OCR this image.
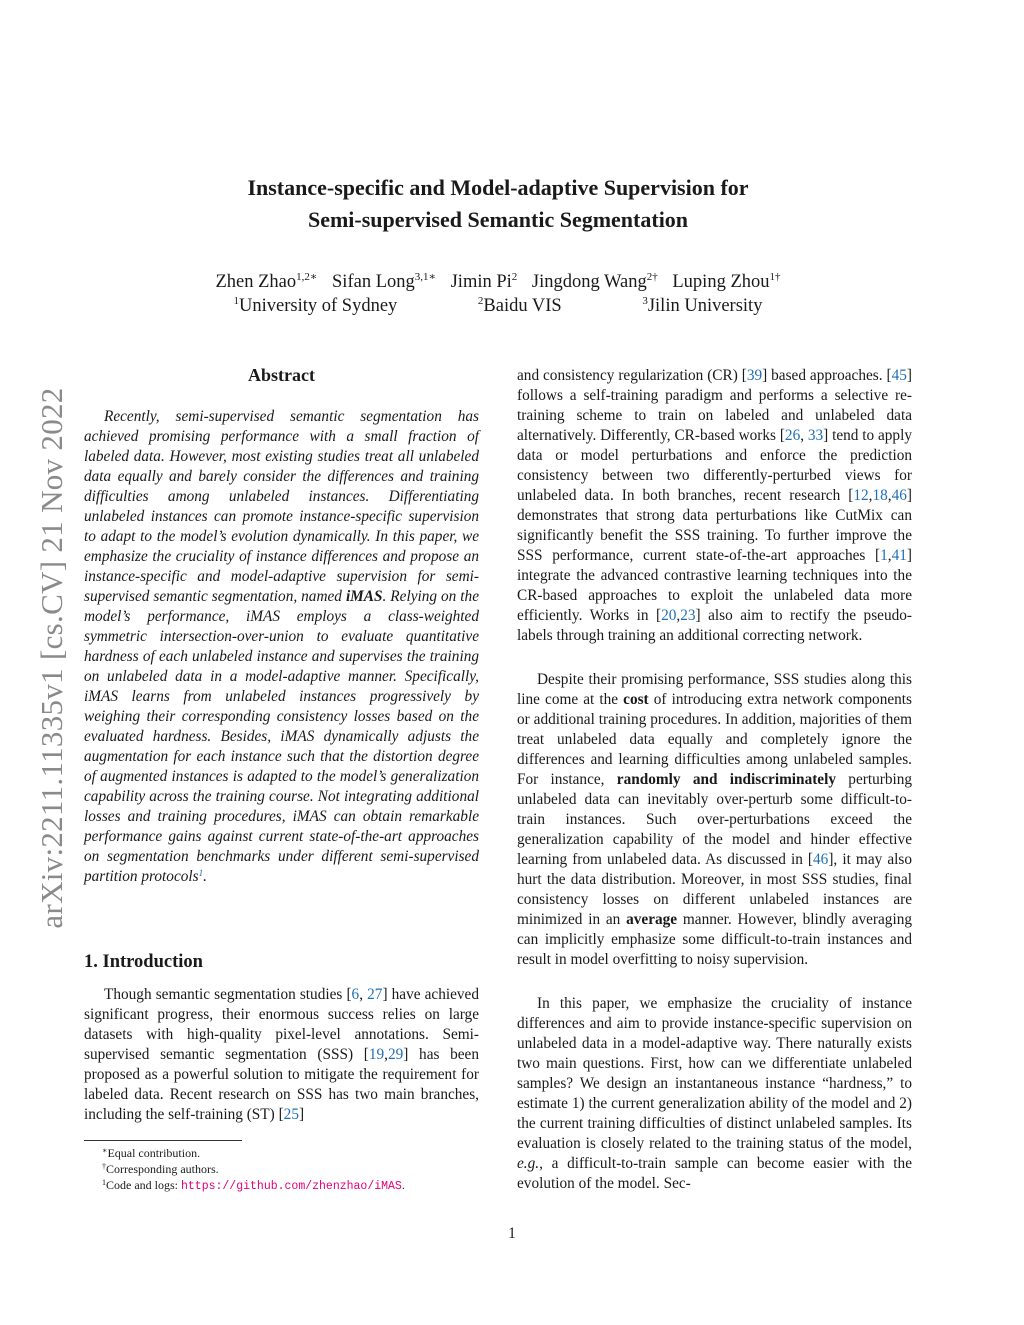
arXiv:2211.11335v1 [cs.CV] 21 Nov 2022
Instance-specific and Model-adaptive Supervision for
Semi-supervised Semantic Segmentation
Zhen Zhao$^{1,2∗}$ Sifan Long$^{3,1∗}$ Jimin Pi$^2$ Jingdong Wang$^{2\dagger}$ Luping Zhou$^{1\dagger}$
$^1$University of Sydney	$^2$Baidu VIS	$^3$Jilin University
Abstract
Recently, semi-supervised semantic segmentation has achieved promising performance with a small fraction of labeled data. However, most existing studies treat all unlabeled data equally and barely consider the differences and training difficulties among unlabeled instances. Differentiating unlabeled instances can promote instance-specific supervision to adapt to the model’s evolution dynamically. In this paper, we emphasize the cruciality of instance differences and propose an instance-specific and model-adaptive supervision for semi-supervised semantic segmentation, named iMAS. Relying on the model’s performance, iMAS employs a class-weighted symmetric intersection-over-union to evaluate quantitative hardness of each unlabeled instance and supervises the training on unlabeled data in a model-adaptive manner. Specifically, iMAS learns from unlabeled instances progressively by weighing their corresponding consistency losses based on the evaluated hardness. Besides, iMAS dynamically adjusts the augmentation for each instance such that the distortion degree of augmented instances is adapted to the model’s generalization capability across the training course. Not integrating additional losses and training procedures, iMAS can obtain remarkable performance gains against current state-of-the-art approaches on segmentation benchmarks under different semi-supervised partition protocols$^1$.
1. Introduction
Though semantic segmentation studies [6, 27] have achieved significant progress, their enormous success relies on large datasets with high-quality pixel-level annotations. Semi-supervised semantic segmentation (SSS) [19,29] has been proposed as a powerful solution to mitigate the requirement for labeled data. Recent research on SSS has two main branches, including the self-training (ST) [25]

∗Equal contribution.

†Corresponding authors.

$^1$Code and logs: https://github.com/zhenzhao/iMAS.

and consistency regularization (CR) [39] based approaches. [45] follows a self-training paradigm and performs a selective re-training scheme to train on labeled and unlabeled data alternatively. Differently, CR-based works [26, 33] tend to apply data or model perturbations and enforce the prediction consistency between two differently-perturbed views for unlabeled data. In both branches, recent research [12,18,46] demonstrates that strong data perturbations like CutMix can significantly benefit the SSS training. To further improve the SSS performance, current state-of-the-art approaches [1,41] integrate the advanced contrastive learning techniques into the CR-based approaches to exploit the unlabeled data more efficiently. Works in [20,23] also aim to rectify the pseudo-labels through training an additional correcting network.
Despite their promising performance, SSS studies along this line come at the cost of introducing extra network components or additional training procedures. In addition, majorities of them treat unlabeled data equally and completely ignore the differences and learning difficulties among unlabeled samples. For instance, randomly and indiscriminately perturbing unlabeled data can inevitably over-perturb some difficult-to-train instances. Such over-perturbations exceed the generalization capability of the model and hinder effective learning from unlabeled data. As discussed in [46], it may also hurt the data distribution. Moreover, in most SSS studies, final consistency losses on different unlabeled instances are minimized in an average manner. However, blindly averaging can implicitly emphasize some difficult-to-train instances and result in model overfitting to noisy supervision.
In this paper, we emphasize the cruciality of instance differences and aim to provide instance-specific supervision on unlabeled data in a model-adaptive way. There naturally exists two main questions. First, how can we differentiate unlabeled samples? We design an instantaneous instance “hardness,” to estimate 1) the current generalization ability of the model and 2) the current training difficulties of distinct unlabeled samples. Its evaluation is closely related to the training status of the model, e.g., a difficult-to-train sample can become easier with the evolution of the model. Sec-
1
